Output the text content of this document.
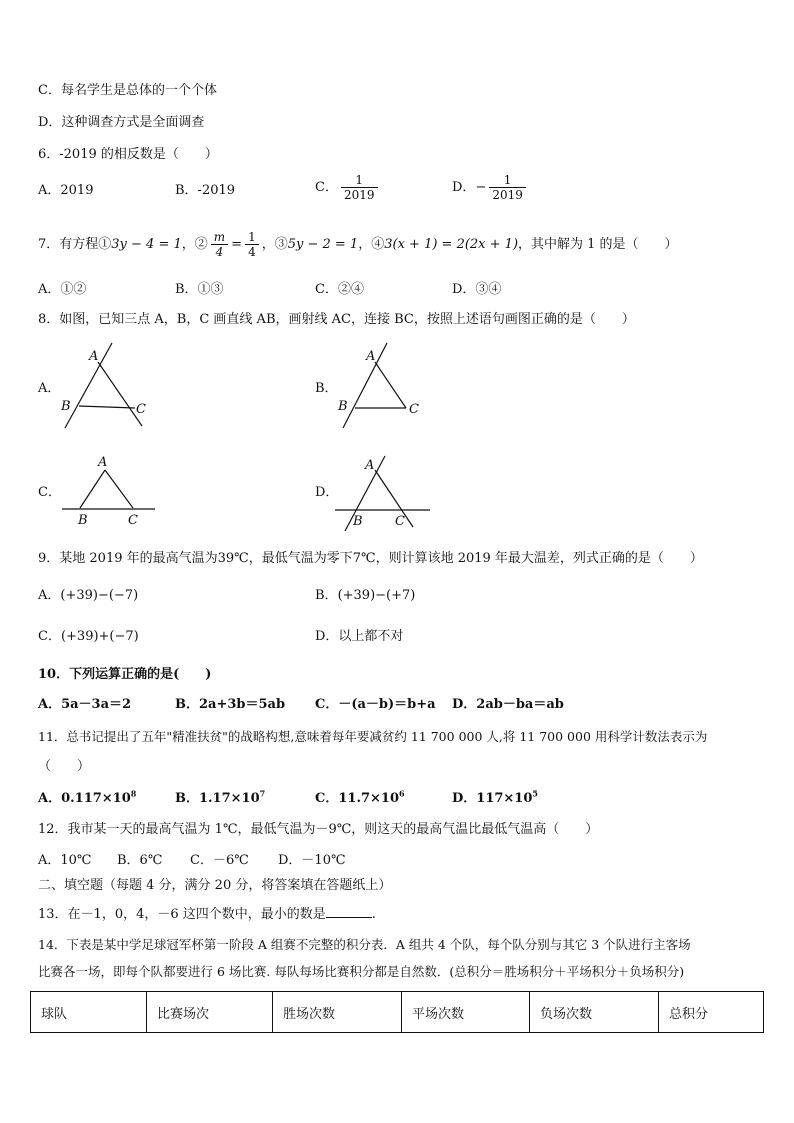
C．每名学生是总体的一个个体
D．这种调查方式是全面调查
6．-2019 的相反数是（　　）
A．2019	B．-2019	C． $\frac{1}{2019}$	D．− $\frac{1}{2019}$
7．有方程①3y − 4 = 1，② $\frac{m}{4} = \frac{1}{4}$ ，③5y − 2 = 1，④3(x + 1) = 2(2x + 1)，其中解为 1 的是（　　）
A．①②	B．①③	C．②④	D．③④
8．如图，已知三点 A，B，C 画直线 AB，画射线 AC，连接 BC，按照上述语句画图正确的是（　　）
A．
A
B	C
B．
A
B	C
C．
A
B	C
D．
A
B C
9．某地 2019 年的最高气温为39℃，最低气温为零下7℃，则计算该地 2019 年最大温差，列式正确的是（　　）
A．(+39)−(−7)	B．(+39)−(+7)
C．(+39)+(−7)	D．以上都不对
10．下列运算正确的是(　　)
A．5a－3a＝2	B．2a+3b＝5ab C．－(a－b)＝b+a D．2ab－ba＝ab
11．总书记提出了五年"精准扶贫"的战略构想,意味着每年要减贫约 11 700 000 人,将 11 700 000 用科学计数法表示为
（　　）
A．$0.117\times 10^8$	B．$1.17\times 10^7$	C．$11.7\times 10^6$	D．$117\times 10^5$
12．我市某一天的最高气温为 1℃，最低气温为－9℃，则这天的最高气温比最低气温高（　　）
A．10℃ B．6℃ C．－6℃ D．－10℃
二、填空题（每题 4 分，满分 20 分，将答案填在答题纸上）
13．在－1，0，4，－6 这四个数中，最小的数是	.
14．下表是某中学足球冠军杯第一阶段 A 组赛不完整的积分表．A 组共 4 个队，每个队分别与其它 3 个队进行主客场
比赛各一场，即每个队都要进行 6 场比赛. 每队每场比赛积分都是自然数．(总积分＝胜场积分＋平场积分＋负场积分)
球队	比赛场次	胜场次数	平场次数	负场次数	总积分
